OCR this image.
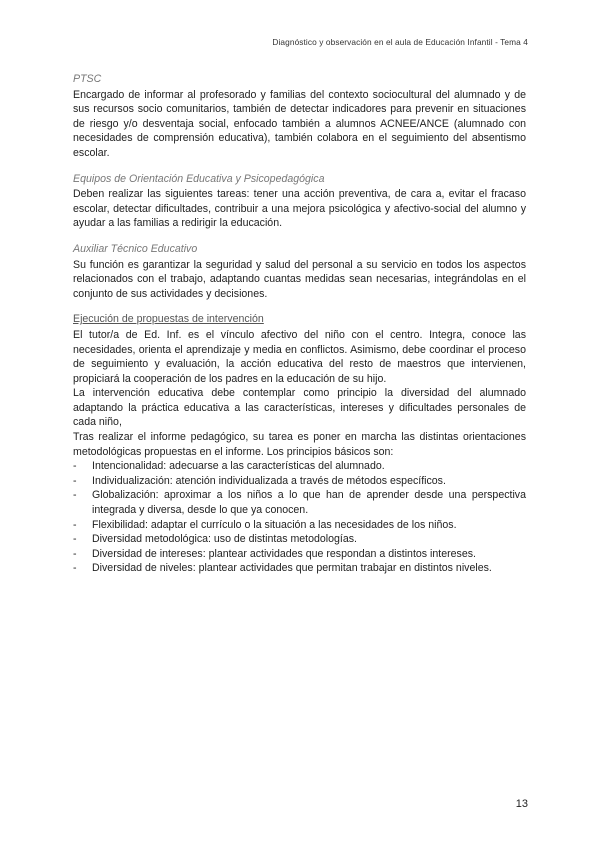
Diagnóstico y observación en el aula de Educación Infantil - Tema 4
PTSC

Encargado de informar al profesorado y familias del contexto sociocultural del alumnado y de sus recursos socio comunitarios, también de detectar indicadores para prevenir en situaciones de riesgo y/o desventaja social, enfocado también a alumnos ACNEE/ANCE (alumnado con necesidades de comprensión educativa), también colabora en el seguimiento del absentismo escolar.

Equipos de Orientación Educativa y Psicopedagógica

Deben realizar las siguientes tareas: tener una acción preventiva, de cara a, evitar el fracaso escolar, detectar dificultades, contribuir a una mejora psicológica y afectivo-social del alumno y ayudar a las familias a redirigir la educación.

Auxiliar Técnico Educativo

Su función es garantizar la seguridad y salud del personal a su servicio en todos los aspectos relacionados con el trabajo, adaptando cuantas medidas sean necesarias, integrándolas en el conjunto de sus actividades y decisiones.

Ejecución de propuestas de intervención

El tutor/a de Ed. Inf. es el vínculo afectivo del niño con el centro. Integra, conoce las necesidades, orienta el aprendizaje y media en conflictos. Asimismo, debe coordinar el proceso de seguimiento y evaluación, la acción educativa del resto de maestros que intervienen, propiciará la cooperación de los padres en la educación de su hijo.

La intervención educativa debe contemplar como principio la diversidad del alumnado adaptando la práctica educativa a las características, intereses y dificultades personales de cada niño,

Tras realizar el informe pedagógico, su tarea es poner en marcha las distintas orientaciones metodológicas propuestas en el informe. Los principios básicos son:

- Intencionalidad: adecuarse a las características del alumnado.
- Individualización: atención individualizada a través de métodos específicos.
- Globalización: aproximar a los niños a lo que han de aprender desde una perspectiva integrada y diversa, desde lo que ya conocen.
- Flexibilidad: adaptar el currículo o la situación a las necesidades de los niños.
- Diversidad metodológica: uso de distintas metodologías.
- Diversidad de intereses: plantear actividades que respondan a distintos intereses.
- Diversidad de niveles: plantear actividades que permitan trabajar en distintos niveles.
13
